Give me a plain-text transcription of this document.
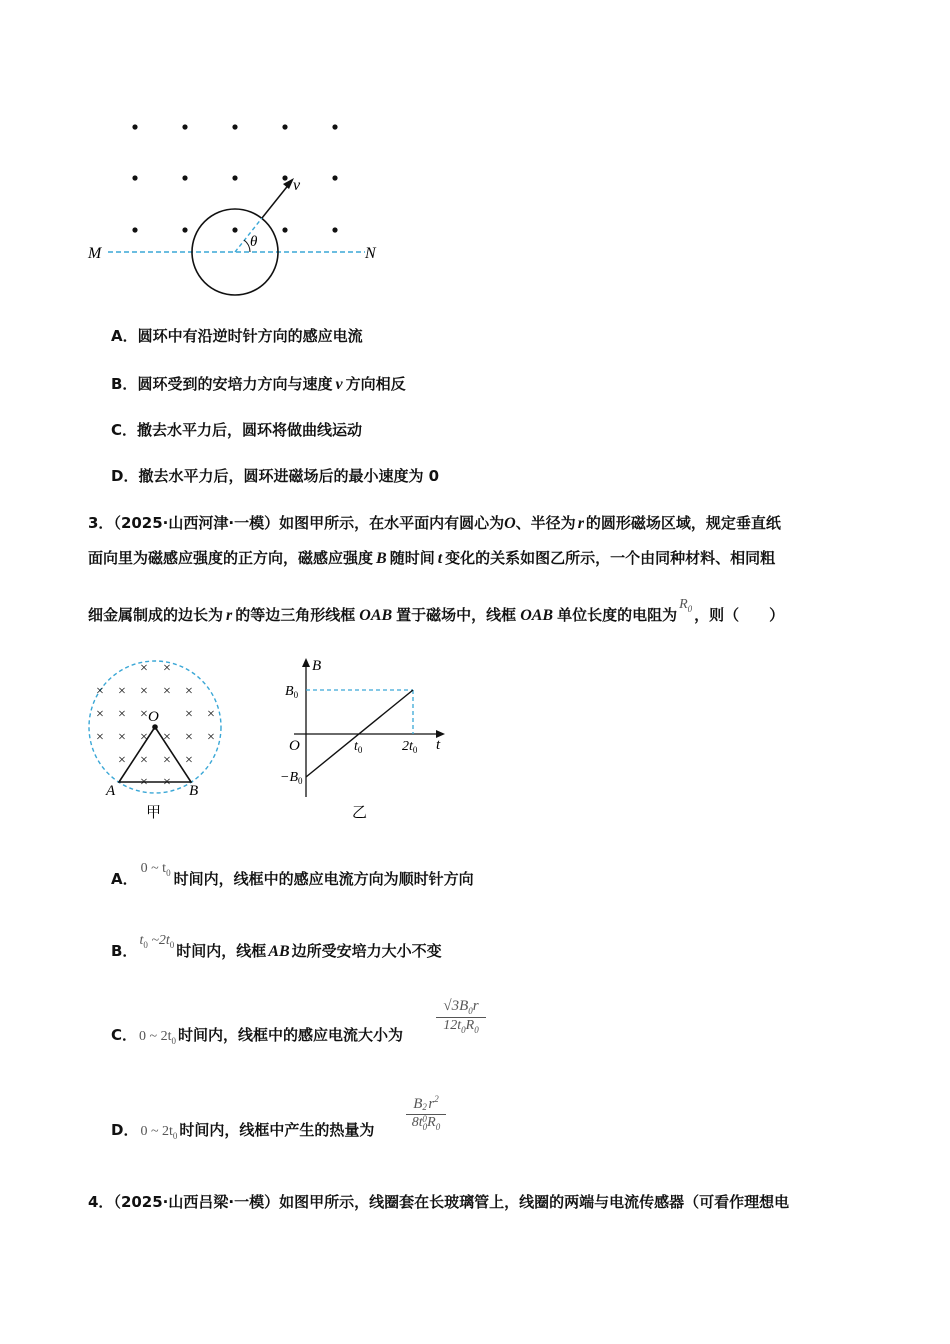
M	N
v
θ
A．圆环中有沿逆时针方向的感应电流
B．圆环受到的安培力方向与速度 v 方向相反
C．撤去水平力后，圆环将做曲线运动
D．撤去水平力后，圆环进磁场后的最小速度为 0
3．（2025·山西河津·一模）如图甲所示，在水平面内有圆心为O、半径为 r 的圆形磁场区域，规定垂直纸
面向里为磁感应强度的正方向，磁感应强度 B 随时间 t 变化的关系如图乙所示，一个由同种材料、相同粗
细金属制成的边长为 r 的等边三角形线框 OAB 置于磁场中，线框 OAB 单位长度的电阻为$R_0$ ，则（　　）
× ×
× × × × ×
× × ×	× ×
× × × × × ×
× × × ×
× ×
O
A	B
甲
B
t
O
$B_0$
$-B_0$
$t_0$	$2t_0$
乙
A．0 ~ $t_0$ 时间内，线框中的感应电流方向为顺时针方向
B．$t_0$ $\sim 2t_0$ 时间内，线框 AB 边所受安培力大小不变
C． 0 ~ $2t_0$ 时间内，线框中的感应电流大小为
$\frac{√3B_0r}{12t_0R_0}$
D． 0 ~ $2t_0$ 时间内，线框中产生的热量为 B 2
0
$r^2$
$8t_0R_0$
4．（2025·山西吕梁·一模）如图甲所示，线圈套在长玻璃管上，线圈的两端与电流传感器（可看作理想电
